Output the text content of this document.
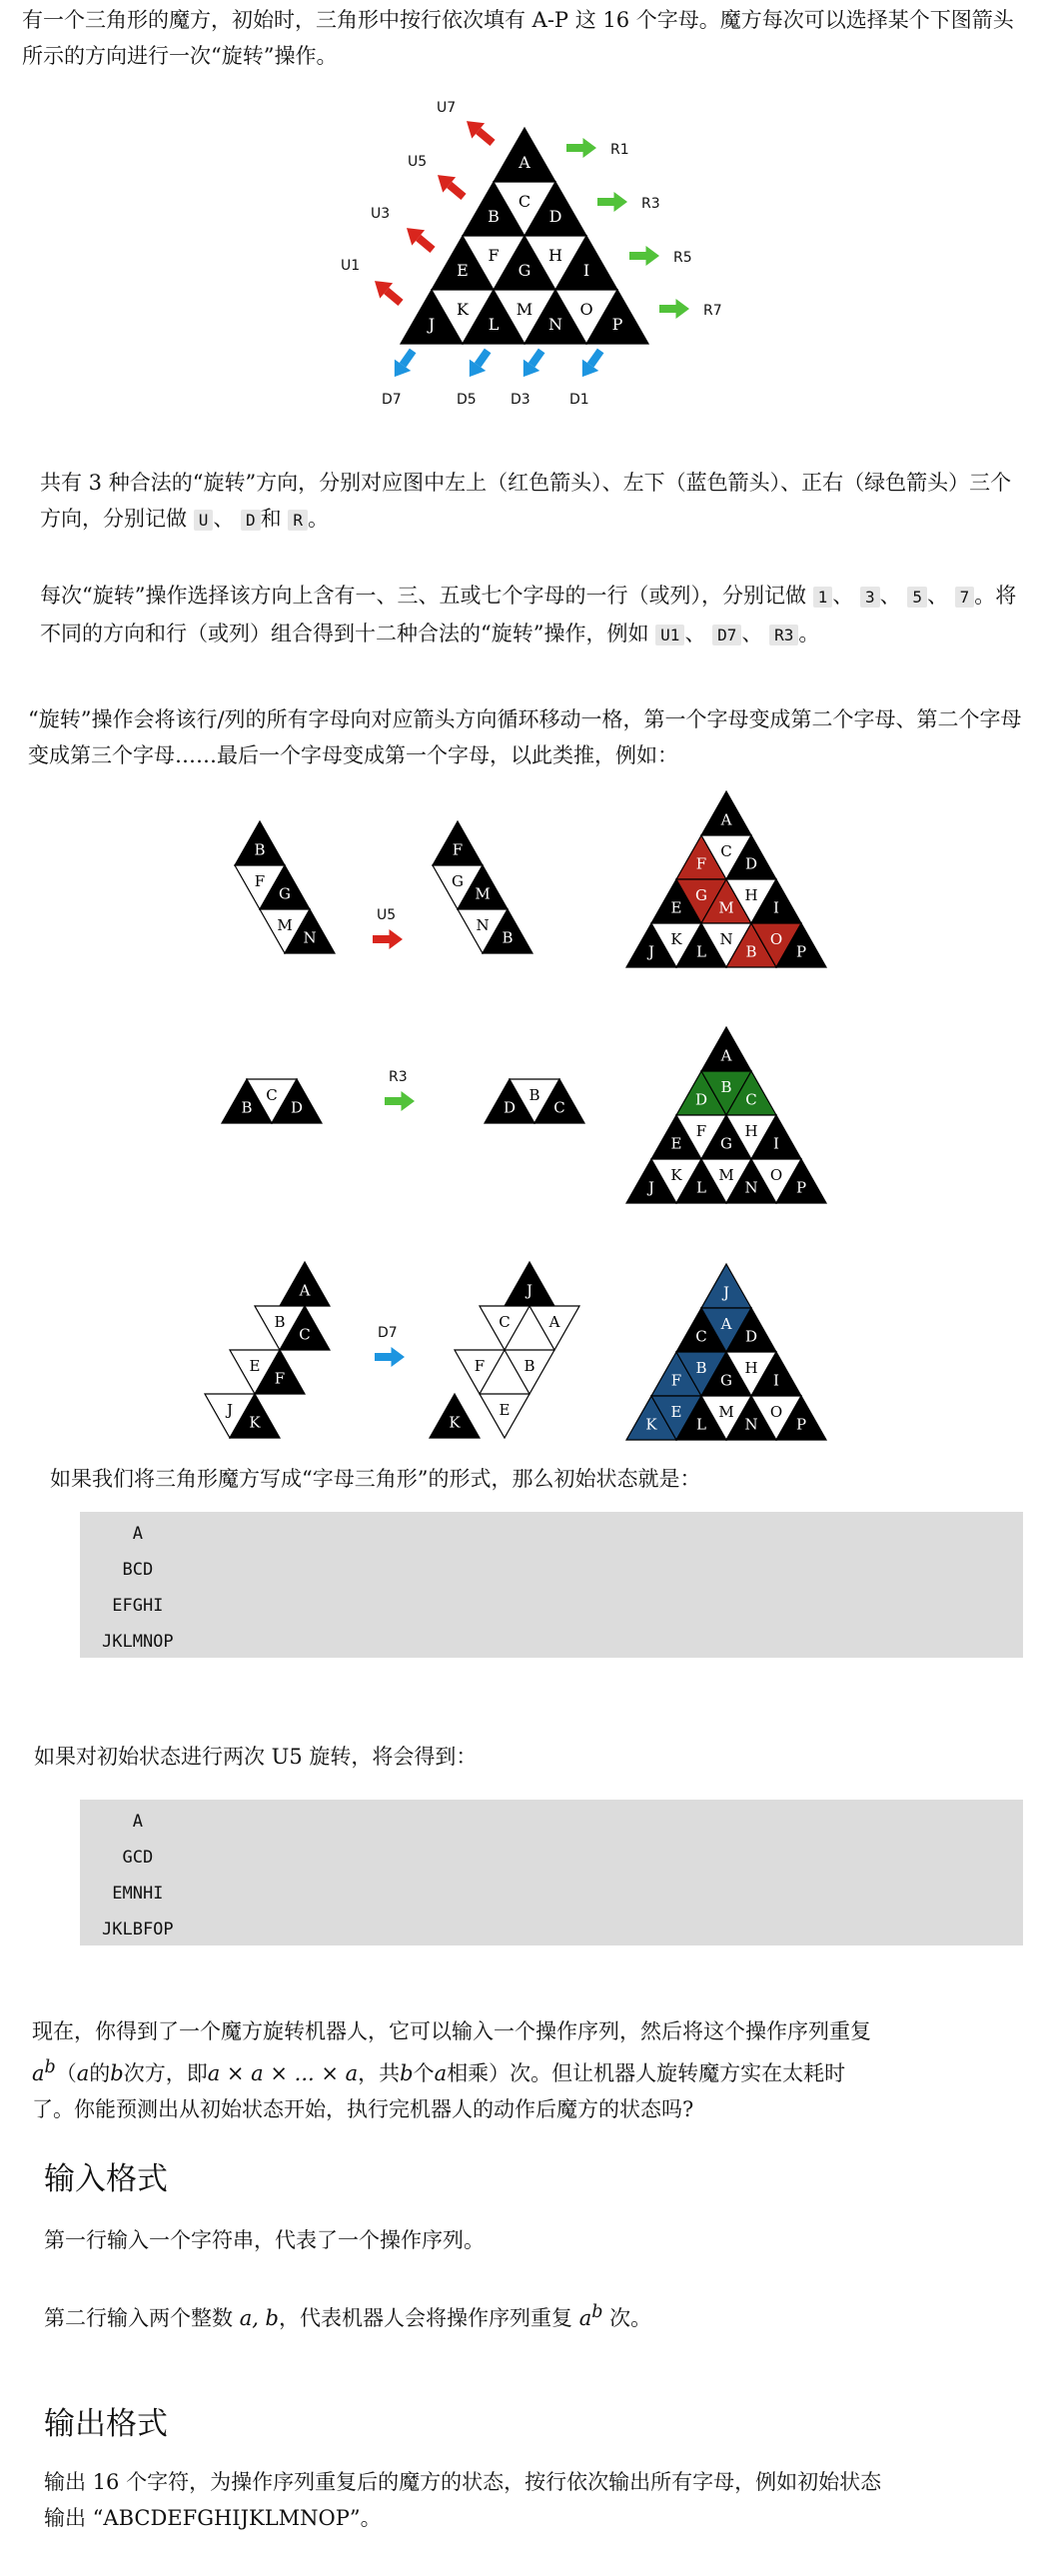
有一个三角形的魔方，初始时，三角形中按行依次填有 A-P 这 16 个字母。魔方每次可以选择某个下图箭头所示的方向进行一次“旋转”操作。

A
B
C
D
E
F
G
H
I
J
K
L
M
N
O
P
U7
U5
U3
U1
R1
R3
R5
R7
D7	D5 D3	D1

共有 3 种合法的“旋转”方向，分别对应图中左上（红色箭头）、左下（蓝色箭头）、正右（绿色箭头）三个方向，分别记做 U 、 D 和 R 。

每次“旋转”操作选择该方向上含有一、三、五或七个字母的一行（或列），分别记做 1 、 3 、 5 、 7 。将不同的方向和行（或列）组合得到十二种合法的“旋转”操作，例如 U1 、 D7 、 R3 。

“旋转”操作会将该行/列的所有字母向对应箭头方向循环移动一格，第一个字母变成第二个字母、第二个字母变成第三个字母……最后一个字母变成第一个字母，以此类推，例如：

B
F
G
M
N
U5
F
G
M
N
B
A
F
C
D
E
G
M
H
I
J
K
L
N
B
O
P
B
C
D
R3
D
B
C
A
D
B
C
E
F
G
H
I
J
K
L
M
N
O
P
A
B
C
E
F
J
K
D7
J
C	A
F	B
K
E
J
C
A
D
F
B
G
H
I
K
E
L
M
N
O
P

如果我们将三角形魔方写成“字母三角形”的形式，那么初始状态就是：

A
BCD
EFGHI
JKLMNOP

如果对初始状态进行两次 U5 旋转，将会得到：

A
GCD
EMNHI
JKLBFOP
现在，你得到了一个魔方旋转机器人，它可以输入一个操作序列，然后将这个操作序列重复
$a^b(a$的b次方，即a × a × ... × a，共b个a相乘）次。但让机器人旋转魔方实在太耗时
了。你能预测出从初始状态开始，执行完机器人的动作后魔方的状态吗?
输入格式

第一行输入一个字符串，代表了一个操作序列。

第二行输入两个整数 a, b，代表机器人会将操作序列重复 $a^b$ 次。

输出格式

输出 16 个字符，为操作序列重复后的魔方的状态，按行依次输出所有字母，例如初始状态

输出 “ABCDEFGHIJKLMNOP”。
